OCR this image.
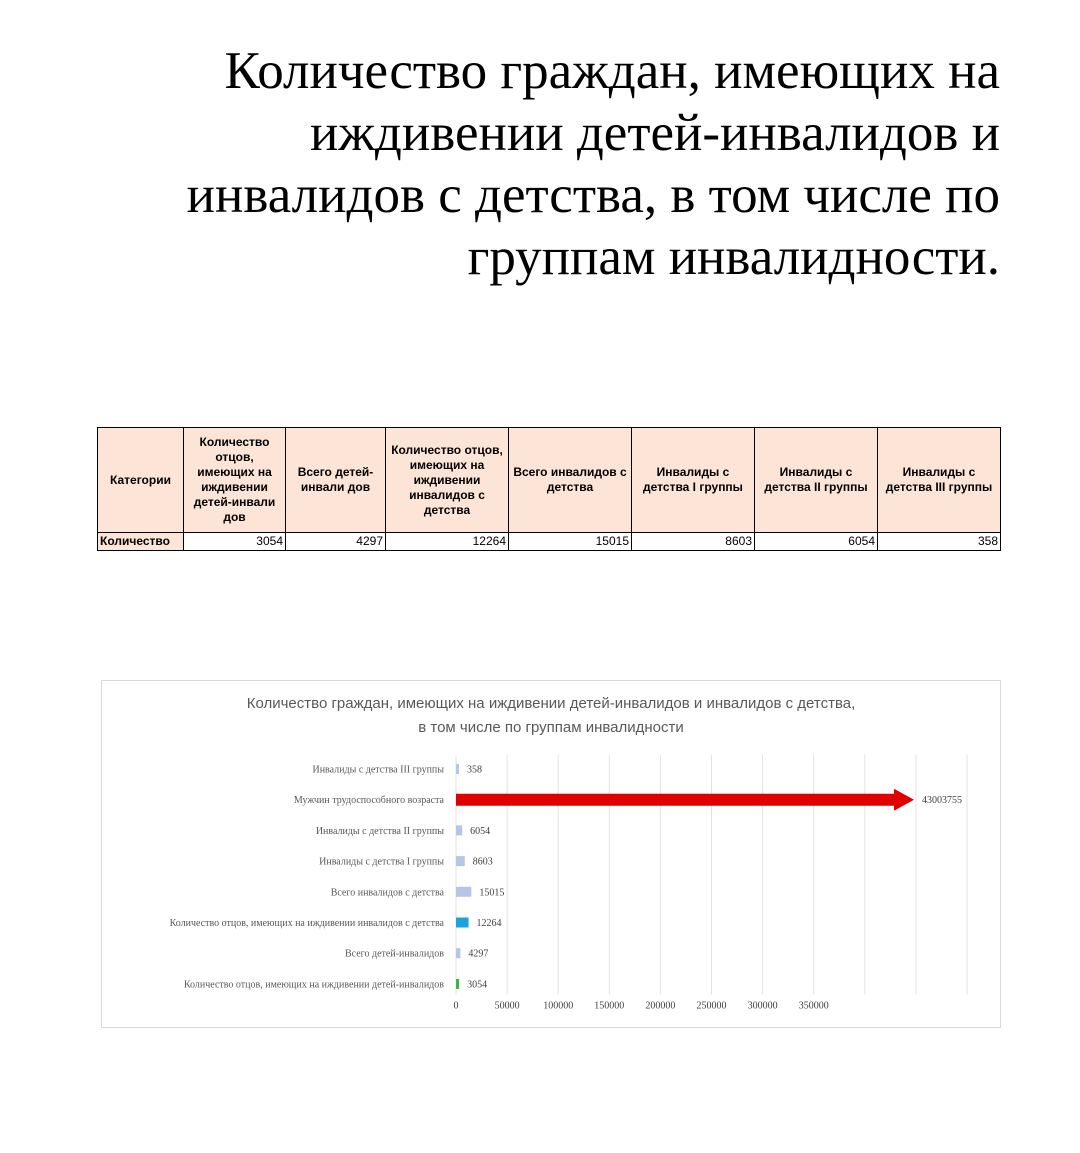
Количество граждан, имеющих на
иждивении детей-инвалидов и
инвалидов с детства, в том числе по
группам инвалидности.
Категории	Количество отцов, имеющих на иждивении детей-инвали дов	Всего детей-инвали дов	Количество отцов, имеющих на иждивении инвалидов с детства	Всего инвалидов с детства	Инвалиды с детства I группы	Инвалиды с детства II группы	Инвалиды с детства III группы
Количество	3054	4297	12264	15015	8603	6054	358
Количество граждан, имеющих на иждивении детей-инвалидов и инвалидов с детства,
в том числе по группам инвалидности
Инвалиды с детства III группы 358
Мужчин трудоспособного возраста	43003755
Инвалиды с детства II группы	6054
Инвалиды с детства I группы	8603
Всего инвалидов с детства	15015
Количество отцов, имеющих на иждивении инвалидов с детства	12264
Всего детей-инвалидов 4297
Количество отцов, имеющих на иждивении детей-инвалидов 3054
0	50000 100000 150000 200000 250000 300000 350000
